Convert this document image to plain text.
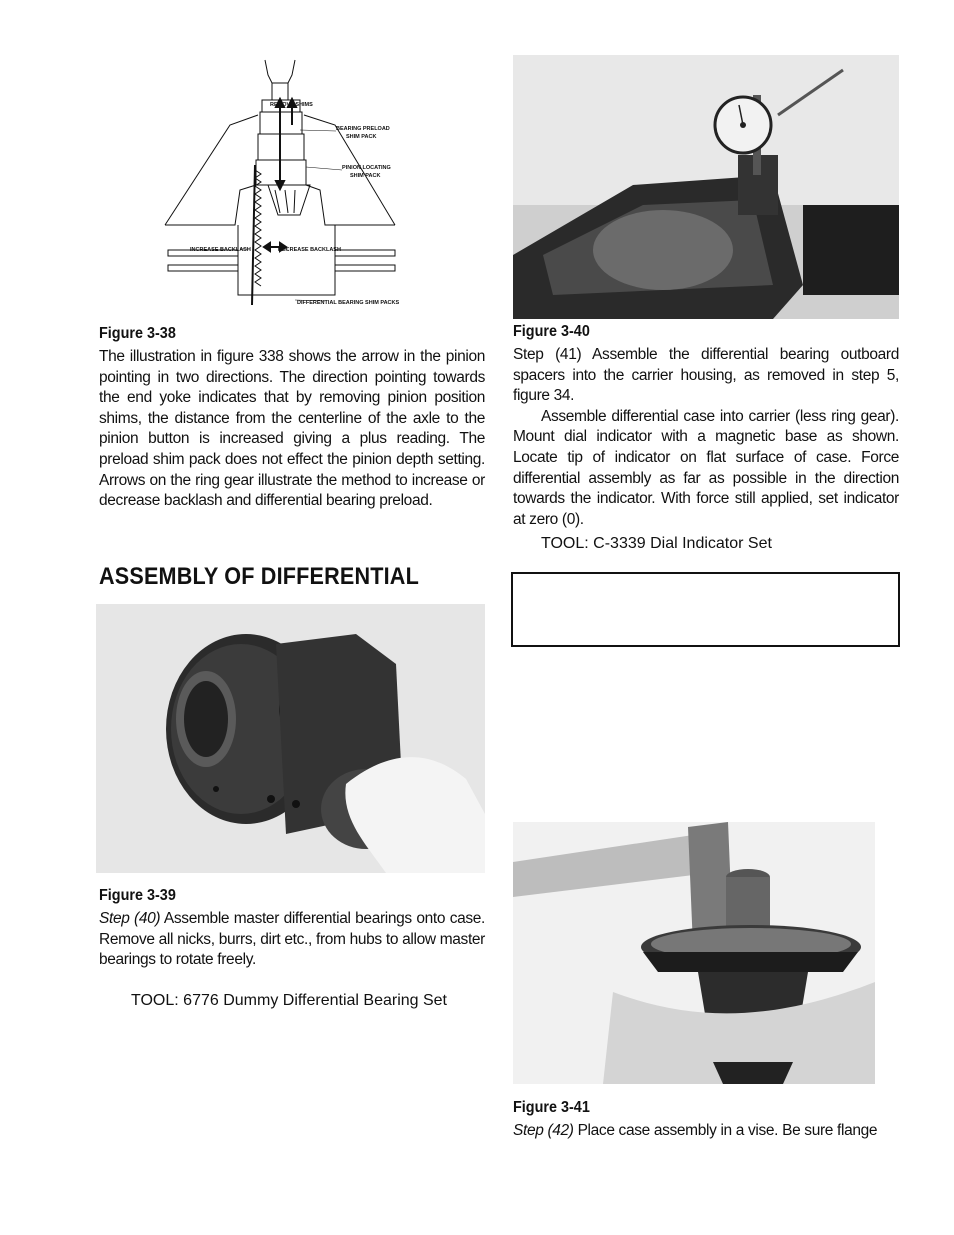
REMOVE SHIMS
BEARING PRELOAD
SHIM PACK
PINION LOCATING
SHIM PACK
INCREASE BACKLASH	DECREASE BACKLASH
DIFFERENTIAL BEARING SHIM PACKS
Figure 3-38
The illustration in figure 338 shows the arrow in the pinion pointing in two directions. The direction pointing towards the end yoke indicates that by removing pinion position shims, the distance from the centerline of the axle to the pinion button is increased giving a plus reading. The preload shim pack does not effect the pinion depth setting. Arrows on the ring gear illustrate the method to increase or decrease backlash and differential bearing preload.
ASSEMBLY OF DIFFERENTIAL
Figure 3-39
Step (40) Assemble master differential bearings onto case. Remove all nicks, burrs, dirt etc., from hubs to allow master bearings to rotate freely.
TOOL: 6776 Dummy Differential Bearing Set
Figure 3-40
Step (41) Assemble the differential bearing outboard spacers into the carrier housing, as removed in step 5, figure 34.
Assemble differential case into carrier (less ring gear). Mount dial indicator with a magnetic base as shown. Locate tip of indicator on flat surface of case. Force differential assembly as far as possible in the direction towards the indicator. With force still applied, set indicator at zero (0).
TOOL: C-3339 Dial Indicator Set
Figure 3-41
Step (42) Place case assembly in a vise. Be sure flange
